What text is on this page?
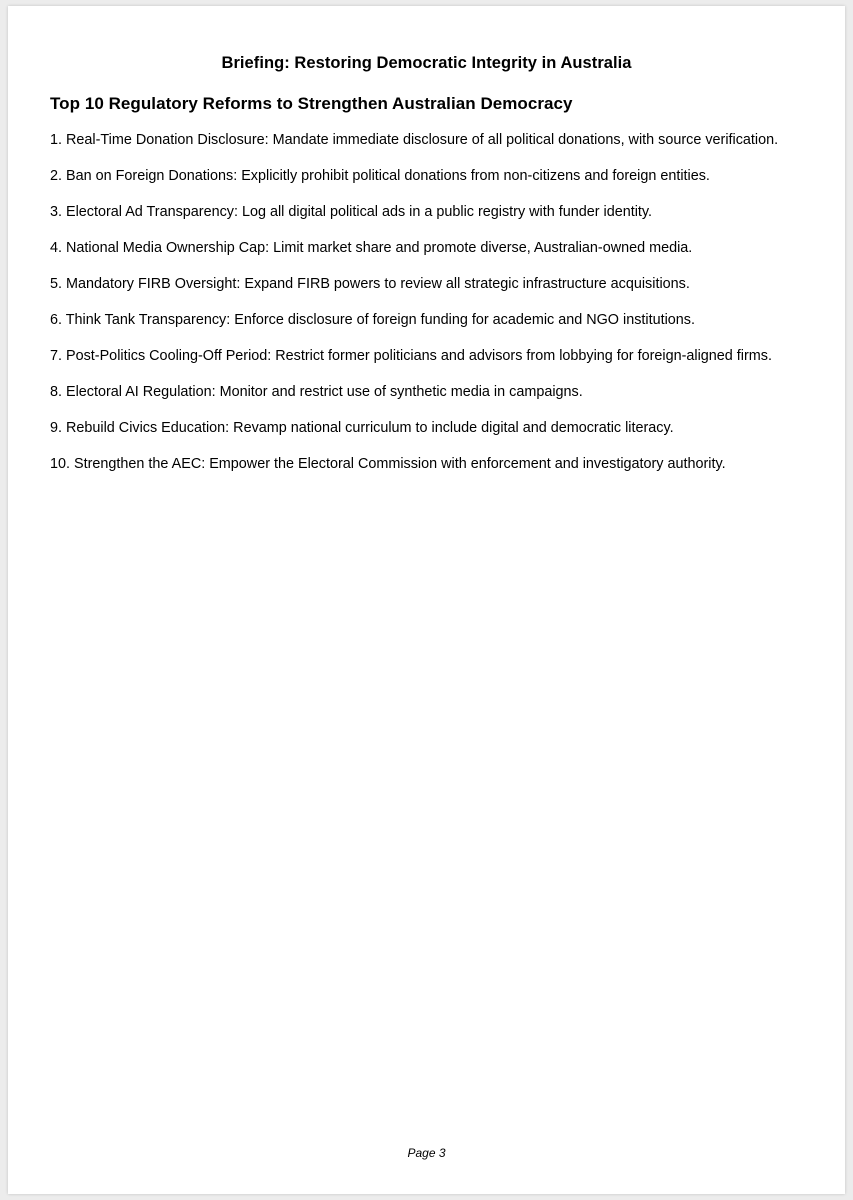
Briefing: Restoring Democratic Integrity in Australia
Top 10 Regulatory Reforms to Strengthen Australian Democracy
1. Real-Time Donation Disclosure: Mandate immediate disclosure of all political donations, with source verification.
2. Ban on Foreign Donations: Explicitly prohibit political donations from non-citizens and foreign entities.
3. Electoral Ad Transparency: Log all digital political ads in a public registry with funder identity.
4. National Media Ownership Cap: Limit market share and promote diverse, Australian-owned media.
5. Mandatory FIRB Oversight: Expand FIRB powers to review all strategic infrastructure acquisitions.
6. Think Tank Transparency: Enforce disclosure of foreign funding for academic and NGO institutions.
7. Post-Politics Cooling-Off Period: Restrict former politicians and advisors from lobbying for foreign-aligned firms.
8. Electoral AI Regulation: Monitor and restrict use of synthetic media in campaigns.
9. Rebuild Civics Education: Revamp national curriculum to include digital and democratic literacy.
10. Strengthen the AEC: Empower the Electoral Commission with enforcement and investigatory authority.
Page 3
